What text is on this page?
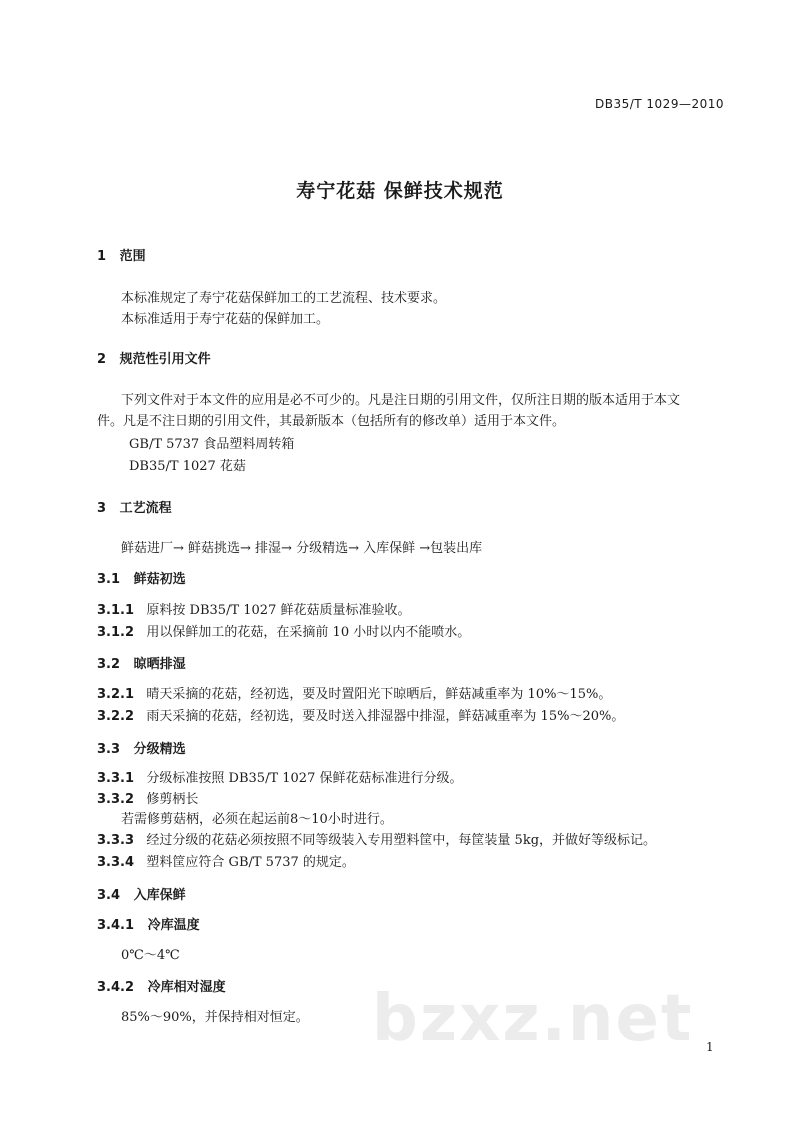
DB35/T 1029—2010
寿宁花菇 保鲜技术规范
1 范围
本标准规定了寿宁花菇保鲜加工的工艺流程、技术要求。
本标准适用于寿宁花菇的保鲜加工。
2 规范性引用文件
下列文件对于本文件的应用是必不可少的。凡是注日期的引用文件，仅所注日期的版本适用于本文
件。凡是不注日期的引用文件，其最新版本（包括所有的修改单）适用于本文件。
GB/T 5737 食品塑料周转箱
DB35/T 1027 花菇
3 工艺流程
鲜菇进厂→ 鲜菇挑选→ 排湿→ 分级精选→ 入库保鲜 →包装出库
3.1 鲜菇初选
3.1.1 原料按 DB35/T 1027 鲜花菇质量标准验收。
3.1.2 用以保鲜加工的花菇，在采摘前 10 小时以内不能喷水。
3.2 晾晒排湿
3.2.1 晴天采摘的花菇，经初选，要及时置阳光下晾晒后，鲜菇减重率为 10%～15%。
3.2.2 雨天采摘的花菇，经初选，要及时送入排湿器中排湿，鲜菇减重率为 15%～20%。
3.3 分级精选
3.3.1 分级标准按照 DB35/T 1027 保鲜花菇标准进行分级。
3.3.2 修剪柄长
若需修剪菇柄，必须在起运前8～10小时进行。
3.3.3 经过分级的花菇必须按照不同等级装入专用塑料筐中，每筐装量 5kg，并做好等级标记。
3.3.4 塑料筐应符合 GB/T 5737 的规定。
3.4 入库保鲜
3.4.1 冷库温度
0℃～4℃
3.4.2 冷库相对湿度
85%～90%，并保持相对恒定。 bzxz.net 1
